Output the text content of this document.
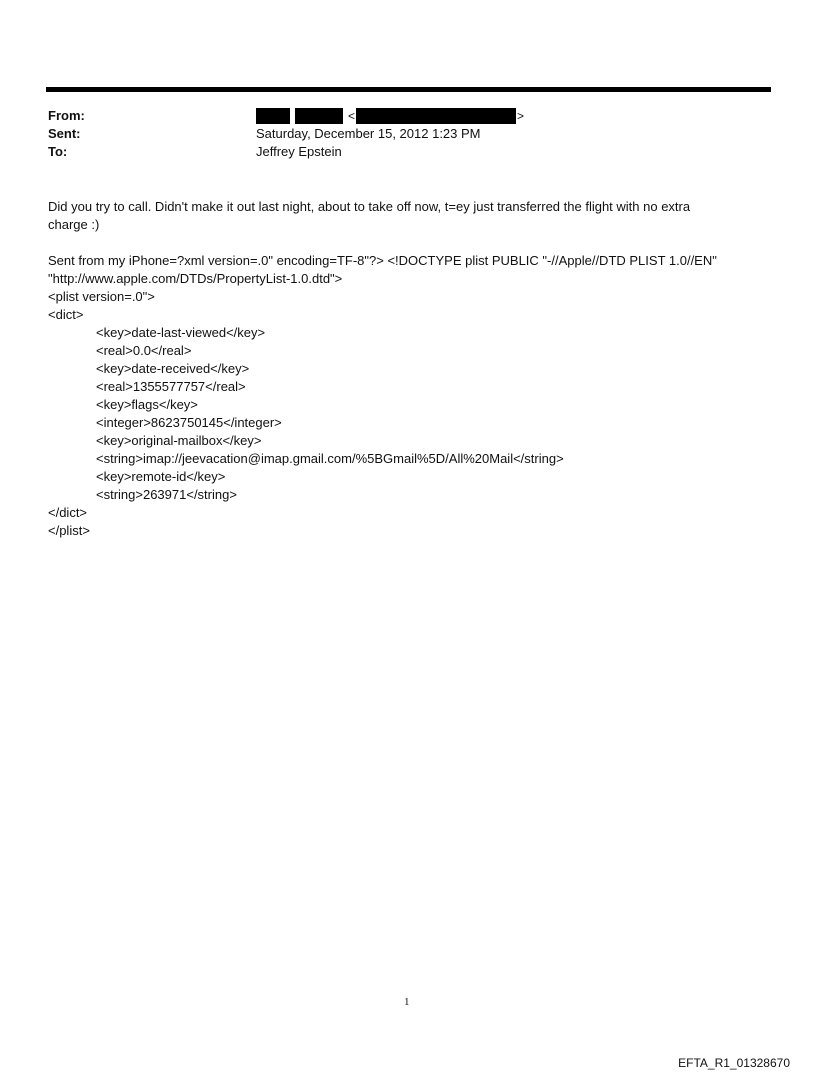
From:
Sent:
To:
<	>
Saturday, December 15, 2012 1:23 PM
Jeffrey Epstein
Did you try to call. Didn't make it out last night, about to take off now, t=ey just transferred the flight with no extra
charge :)
Sent from my iPhone=?xml version=.0" encoding=TF-8"?> <!DOCTYPE plist PUBLIC "-//Apple//DTD PLIST 1.0//EN"
"http://www.apple.com/DTDs/PropertyList-1.0.dtd">
<plist version=.0">
<dict>
<key>date-last-viewed</key>
<real>0.0</real>
<key>date-received</key>
<real>1355577757</real>
<key>flags</key>
<integer>8623750145</integer>
<key>original-mailbox</key>
<string>imap://jeevacation@imap.gmail.com/%5BGmail%5D/All%20Mail</string>
<key>remote-id</key>
<string>263971</string>
</dict>
</plist>
1
EFTA_R1_01328670
